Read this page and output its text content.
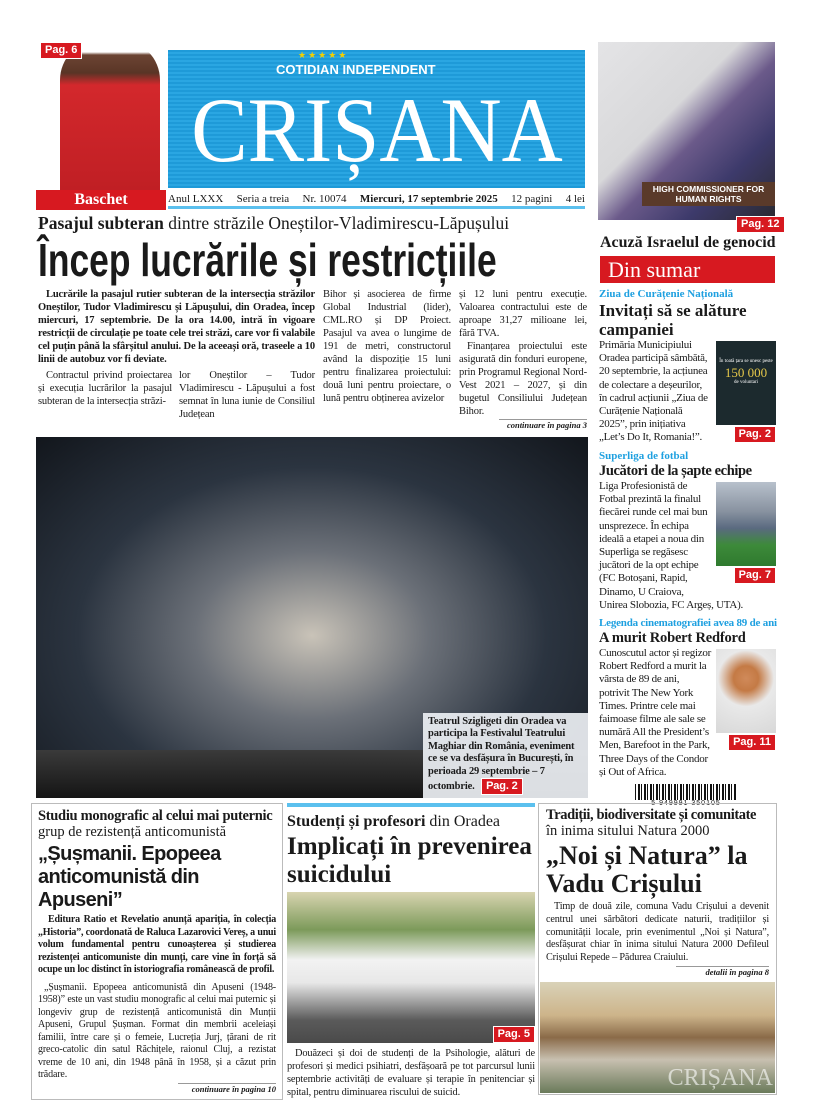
Pag. 6
Baschet
★★★★★
COTIDIAN INDEPENDENT
CRIȘANA
Anul LXXX Seria a treia Nr. 10074 Miercuri, 17 septembrie 2025 12 pagini 4 lei
HIGH COMMISSIONER FOR HUMAN RIGHTS
Pag. 12
Acuză Israelul de genocid
Pasajul subteran dintre străzile Oneștilor-Vladimirescu-Lăpușului
Încep lucrările și restricțiile
Lucrările la pasajul rutier subteran de la intersecția străzilor Oneștilor, Tudor Vladimirescu și Lăpușului, din Oradea, încep miercuri, 17 septembrie. De la ora 14.00, intră în vigoare restricții de circulație pe toate cele trei străzi, care vor fi valabile cel puțin până la sfârșitul anului. De la aceeași oră, traseele a 10 linii de autobuz vor fi deviate.
Contractul privind proiectarea și execuția lucrărilor la pasajul subteran de la intersecția străzi-
lor Oneștilor – Tudor Vladimirescu - Lăpușului a fost semnat în luna iunie de Consiliul Județean
Bihor și asocierea de firme Global Industrial (lider), CML.RO și DP Proiect. Pasajul va avea o lungime de 191 de metri, constructorul având la dispoziție 15 luni pentru finalizarea proiectului: două luni pentru proiectare, o lună pentru obținerea avizelor
și 12 luni pentru execuție. Valoarea contractului este de aproape 31,27 milioane lei, fără TVA.
Finanțarea proiectului este asigurată din fonduri europene, prin Programul Regional Nord-Vest 2021 – 2027, și din bugetul Consiliului Județean Bihor.
continuare în pagina 3
Teatrul Szigligeti din Oradea va participa la Festivalul Teatrului Maghiar din România, eveniment ce se va desfășura în București, în perioada 29 septembrie – 7 octombrie. Pag. 2
Din sumar
Ziua de Curățenie Națională
Invitați să se alăture campaniei
În toată țara se unesc peste
150 000
de voluntari
Pag. 2
Primăria Municipiului Oradea participă sâmbătă, 20 septembrie, la acțiunea de colectare a deșeurilor, în cadrul acțiunii „Ziua de Curățenie Națională 2025”, prin inițiativa „Let’s Do It, Romania!”.
Superliga de fotbal
Jucători de la șapte echipe
Pag. 7
Liga Profesionistă de Fotbal prezintă la finalul fiecărei runde cel mai bun unsprezece. În echipa ideală a etapei a noua din Superliga se regăsesc jucători de la opt echipe (FC Botoșani, Rapid, Dinamo, U Craiova, Unirea Slobozia, FC Argeș, UTA).
Legenda cinematografiei avea 89 de ani
A murit Robert Redford
Pag. 11
Cunoscutul actor și regizor Robert Redford a murit la vârsta de 89 de ani, potrivit The New York Times. Printre cele mai faimoase filme ale sale se numără All the President’s Men, Barefoot in the Park, Three Days of the Condor și Out of Africa.
5 949991 350105
Studiu monografic al celui mai puternic
grup de rezistență anticomunistă
„Șușmanii. Epopeea anticomunistă din Apuseni”
Editura Ratio et Revelatio anunță apariția, în colecția „Historia”, coordonată de Raluca Lazarovici Vereș, a unui volum fundamental pentru cunoașterea și studierea rezistenței anticomuniste din munți, care vine în forță să ocupe un loc distinct în istoriografia românească de profil.
„Șușmanii. Epopeea anticomunistă din Apuseni (1948-1958)” este un vast studiu monografic al celui mai puternic și longeviv grup de rezistență anticomunistă din Munții Apuseni, Grupul Șușman. Format din membrii aceleiași familii, între care și o femeie, Lucreția Jurj, țărani de rit greco-catolic din satul Răchițele, raionul Cluj, a rezistat vreme de 10 ani, din 1948 până în 1958, și a căzut prin trădare.
continuare în pagina 10
Studenți și profesori din Oradea
Implicați în prevenirea suicidului
Pag. 5
Douăzeci și doi de studenți de la Psihologie, alături de profesori și medici psihiatri, desfășoară pe tot parcursul lunii septembrie activități de evaluare și terapie în penitenciar și spital, pentru diminuarea riscului de suicid.
Tradiții, biodiversitate și comunitate
în inima sitului Natura 2000
„Noi și Natura” la Vadu Crișului
Timp de două zile, comuna Vadu Crișului a devenit centrul unei sărbători dedicate naturii, tradițiilor și comunității locale, prin evenimentul „Noi și Natura”, desfășurat chiar în inima sitului Natura 2000 Defileul Crișului Repede – Pădurea Craiului.
detalii în pagina 8
CRIȘANA
